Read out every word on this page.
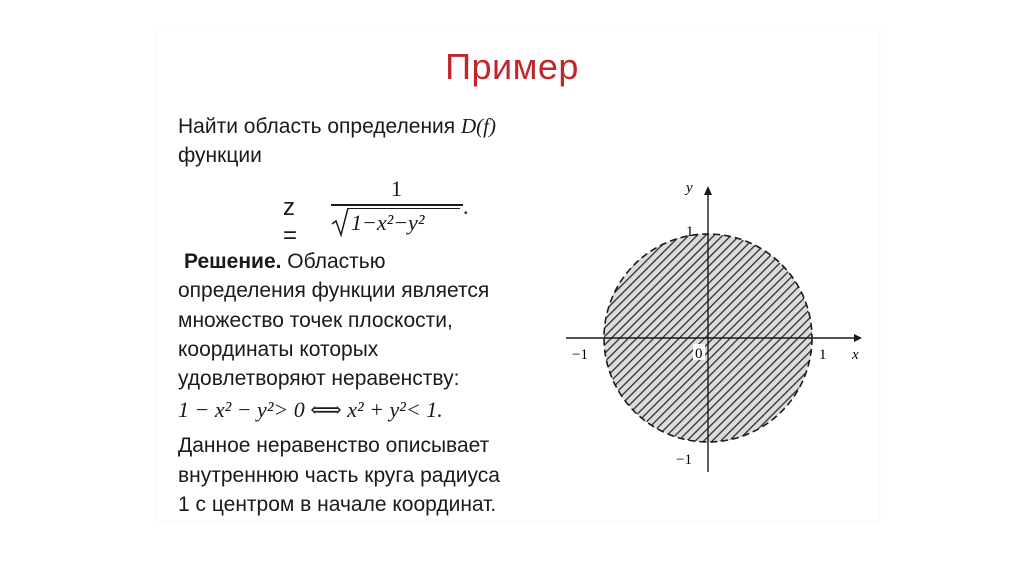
Пример
Найти область определения D(f)
функции
z =
1
1−x²−y²
.
Решение. Областью
определения функции является
множество точек плоскости,
координаты которых
удовлетворяют неравенству:
1 − x² − y²> 0 ⟺ x² + y²< 1.
Данное неравенство описывает
внутреннюю часть круга радиуса
1 с центром в начале координат.
−1	1 x
1
−1
y
0
